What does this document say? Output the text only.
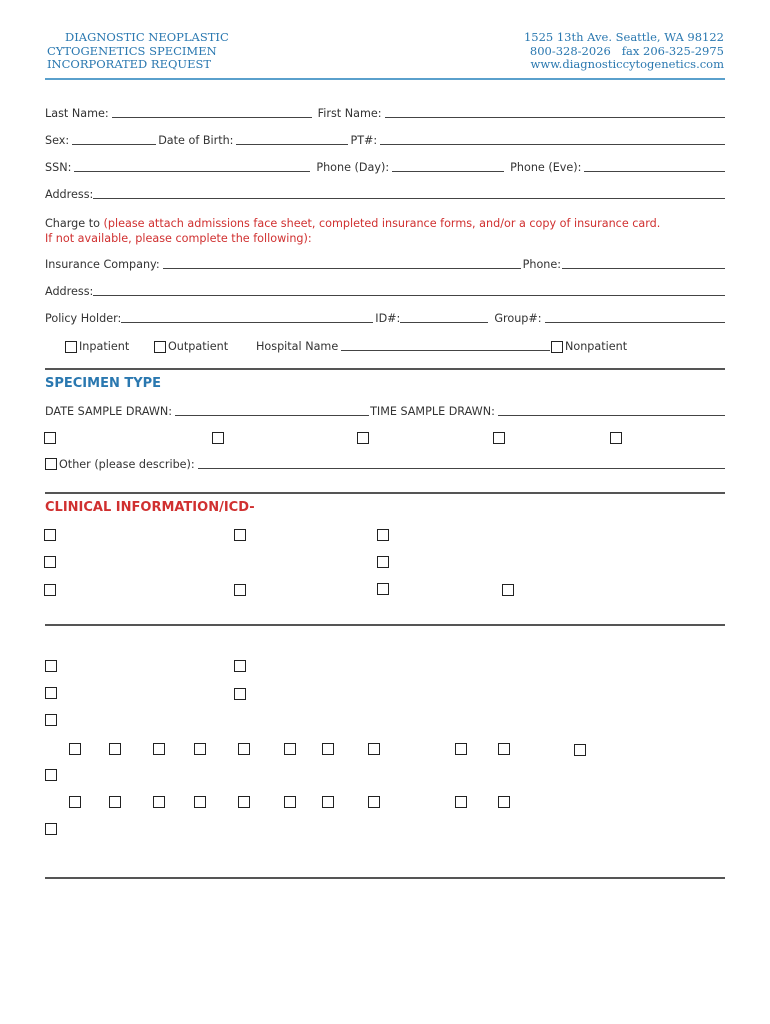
DIAGNOSTIC NEOPLASTIC
CYTOGENETICS SPECIMEN
INCORPORATED REQUEST
1525 13th Ave. Seattle, WA 98122
800-328-2026   fax 206-325-2975
www.diagnosticcytogenetics.com
Last Name:	First Name:
Sex:	Date of Birth:	PT#:
SSN:	Phone (Day):	Phone (Eve):
Address:
Charge to (please attach admissions face sheet, completed insurance forms, and/or a copy of insurance card.
If not available, please complete the following):
Insurance Company:	Phone:
Address:
Policy Holder:	ID#:	Group#:
Inpatient	Outpatient Hospital Name	Nonpatient
SPECIMEN TYPE
DATE SAMPLE DRAWN:	TIME SAMPLE DRAWN:
Other (please describe):
CLINICAL INFORMATION/ICD-
